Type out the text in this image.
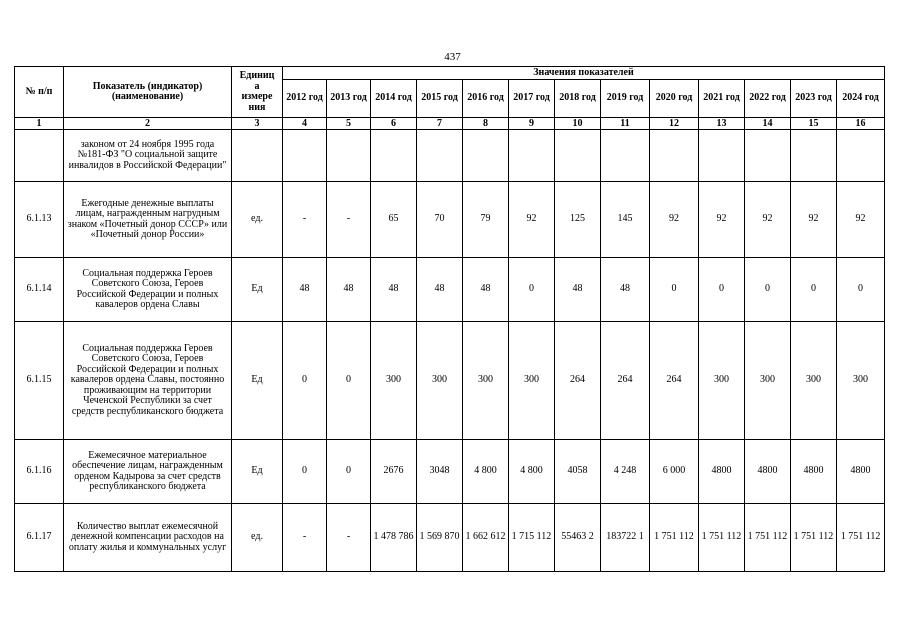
437
№ п/п	Показатель (индикатор) (наименование)	Единиц
а
измере
ния	Значения показателей												
			2012 год	2013 год	2014 год	2015 год	2016 год	2017 год	2018 год	2019 год	2020 год	2021 год	2022 год	2023 год	2024 год
1	2	3	4	5	6	7	8	9	10	11	12	13	14	15	16
	законом от 24 ноября 1995 года №181-ФЗ "О социальной защите инвалидов в Российской Федерации"														
6.1.13	Ежегодные денежные выплаты лицам, награжденным нагрудным знаком «Почетный донор СССР» или «Почетный донор России»	ед.	-	-	65	70	79	92	125	145	92	92	92	92	92
6.1.14	Социальная поддержка Героев Советского Союза, Героев Российской Федерации и полных кавалеров ордена Славы	Ед	48	48	48	48	48	0	48	48	0	0	0	0	0
6.1.15	Социальная поддержка Героев Советского Союза, Героев Российской Федерации и полных кавалеров ордена Славы, постоянно проживающим на территории Чеченской Республики за счет средств республиканского бюджета	Ед	0	0	300	300	300	300	264	264	264	300	300	300	300
6.1.16	Ежемесячное материальное обеспечение лицам, награжденным орденом Кадырова за счет средств республиканского бюджета	Ед	0	0	2676	3048	4 800	4 800	4058	4 248	6 000	4800	4800	4800	4800
6.1.17	Количество выплат ежемесячной денежной компенсации расходов на оплату жилья и коммунальных услуг	ед.	-	-	1 478 786	1 569 870	1 662 612	1 715 112	55463 2	183722 1	1 751 112	1 751 112	1 751 112	1 751 112	1 751 112
